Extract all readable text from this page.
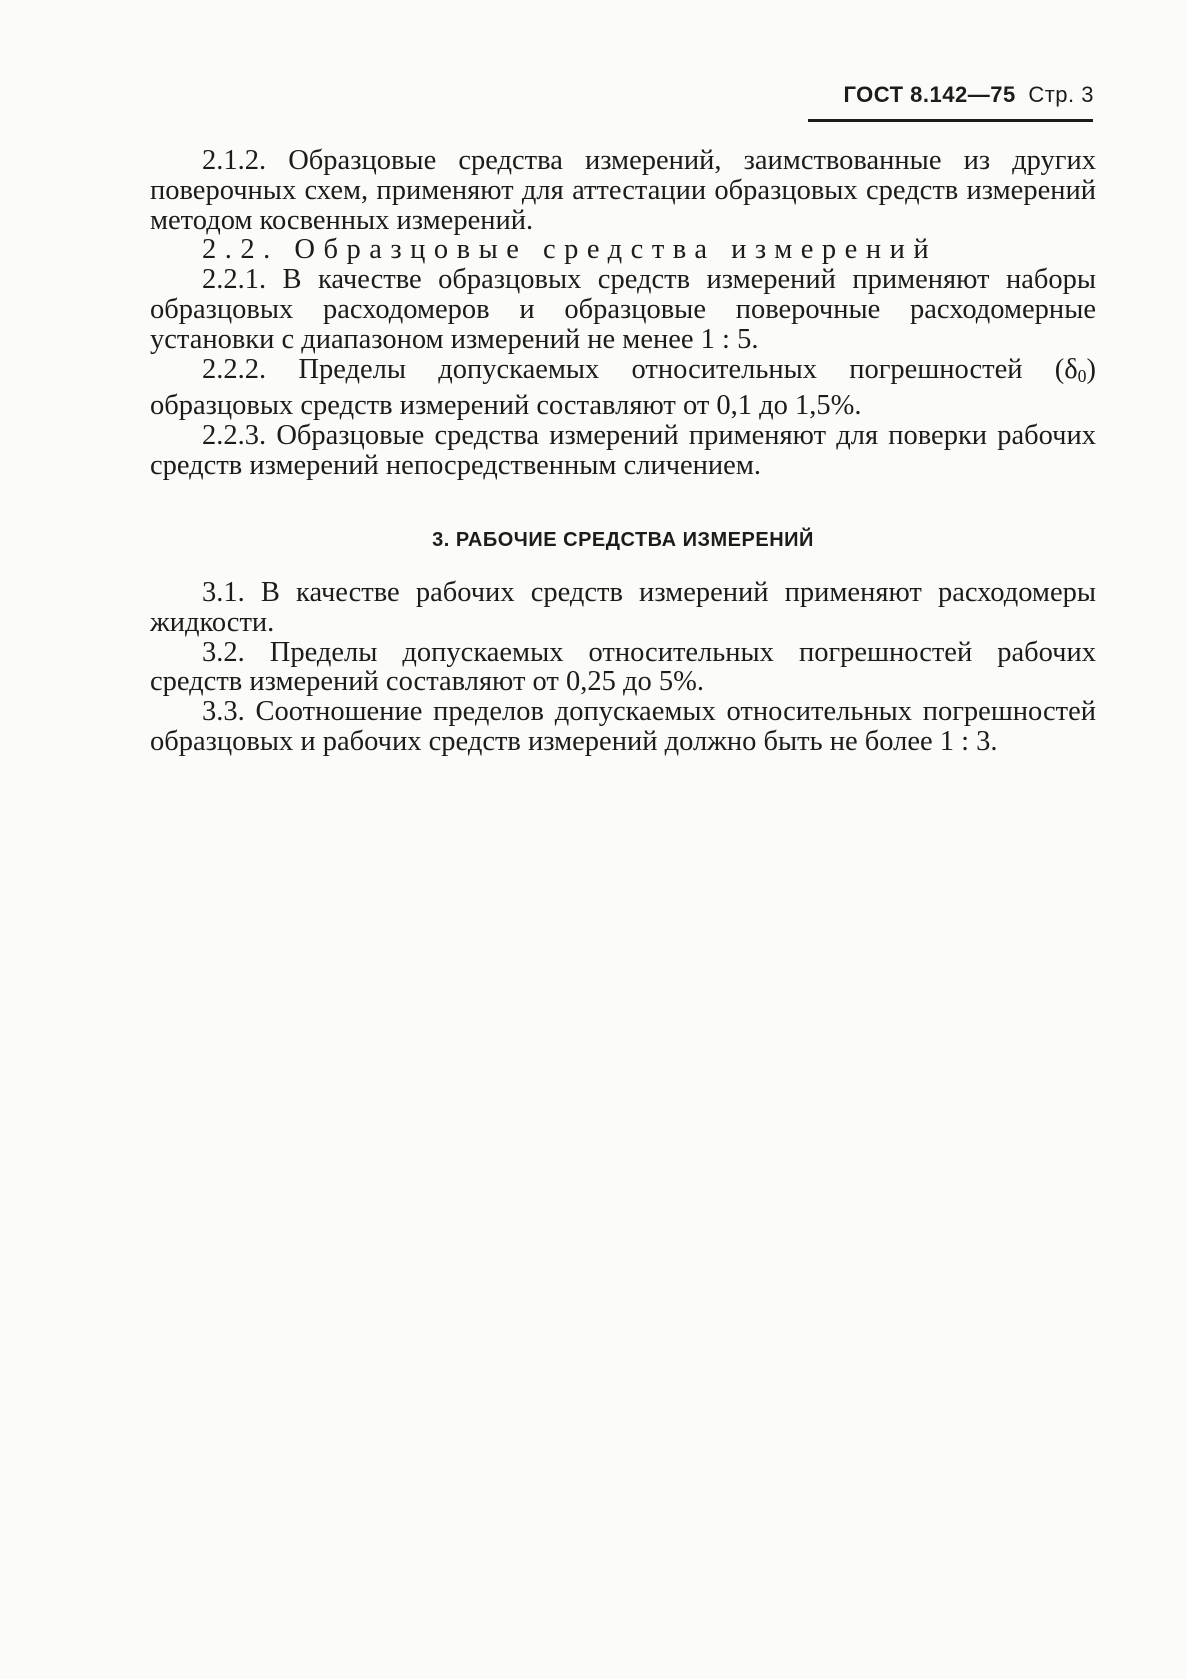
ГОСТ 8.142—75 Стр. 3

2.1.2. Образцовые средства измерений, заимствованные из других поверочных схем, применяют для аттестации образцовых средств измерений методом косвенных измерений.

2.2. Образцовые средства измерений

2.2.1. В качестве образцовых средств измерений применяют наборы образцовых расходомеров и образцовые поверочные расходомерные установки с диапазоном измерений не менее 1 : 5.

2.2.2. Пределы допускаемых относительных погрешностей $(\delta_0)$ образцовых средств измерений составляют от 0,1 до 1,5%.

2.2.3. Образцовые средства измерений применяют для поверки рабочих средств измерений непосредственным сличением.

3. РАБОЧИЕ СРЕДСТВА ИЗМЕРЕНИЙ

3.1. В качестве рабочих средств измерений применяют расходомеры жидкости.

3.2. Пределы допускаемых относительных погрешностей рабочих средств измерений составляют от 0,25 до 5%.

3.3. Соотношение пределов допускаемых относительных погрешностей образцовых и рабочих средств измерений должно быть не более 1 : 3.
